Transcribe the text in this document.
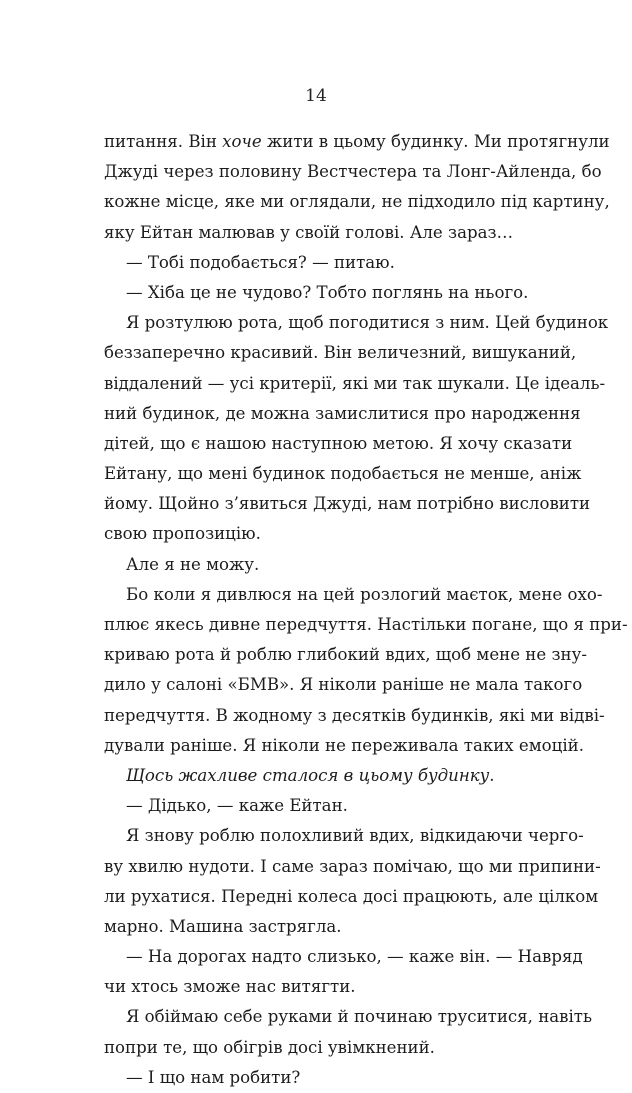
14
питання. Він хоче жити в цьому будинку. Ми протягнули
Джуді через половину Вестчестера та Лонг-Айленда, бо
кожне місце, яке ми оглядали, не підходило під картину,
яку Ейтан малював у своїй голові. Але зараз…
— Тобі подобається? — питаю.
— Хіба це не чудово? Тобто поглянь на нього.
Я розтулюю рота, щоб погодитися з ним. Цей будинок
беззаперечно красивий. Він величезний, вишуканий,
віддалений — усі критерії, які ми так шукали. Це ідеаль-
ний будинок, де можна замислитися про народження
дітей, що є нашою наступною метою. Я хочу сказати
Ейтану, що мені будинок подобається не менше, аніж
йому. Щойно з’явиться Джуді, нам потрібно висловити
свою пропозицію.
Але я не можу.
Бо коли я дивлюся на цей розлогий маєток, мене охо-
плює якесь дивне передчуття. Настільки погане, що я при-
криваю рота й роблю глибокий вдих, щоб мене не зну-
дило у салоні «БМВ». Я ніколи раніше не мала такого
передчуття. В жодному з десятків будинків, які ми відві-
дували раніше. Я ніколи не переживала таких емоцій.
Щось жахливе сталося в цьому будинку.
— Дідько, — каже Ейтан.
Я знову роблю полохливий вдих, відкидаючи черго-
ву хвилю нудоти. І саме зараз помічаю, що ми припини-
ли рухатися. Передні колеса досі працюють, але цілком
марно. Машина застрягла.
— На дорогах надто слизько, — каже він. — Навряд
чи хтось зможе нас витягти.
Я обіймаю себе руками й починаю труситися, навіть
попри те, що обігрів досі увімкнений.
— І що нам робити?
